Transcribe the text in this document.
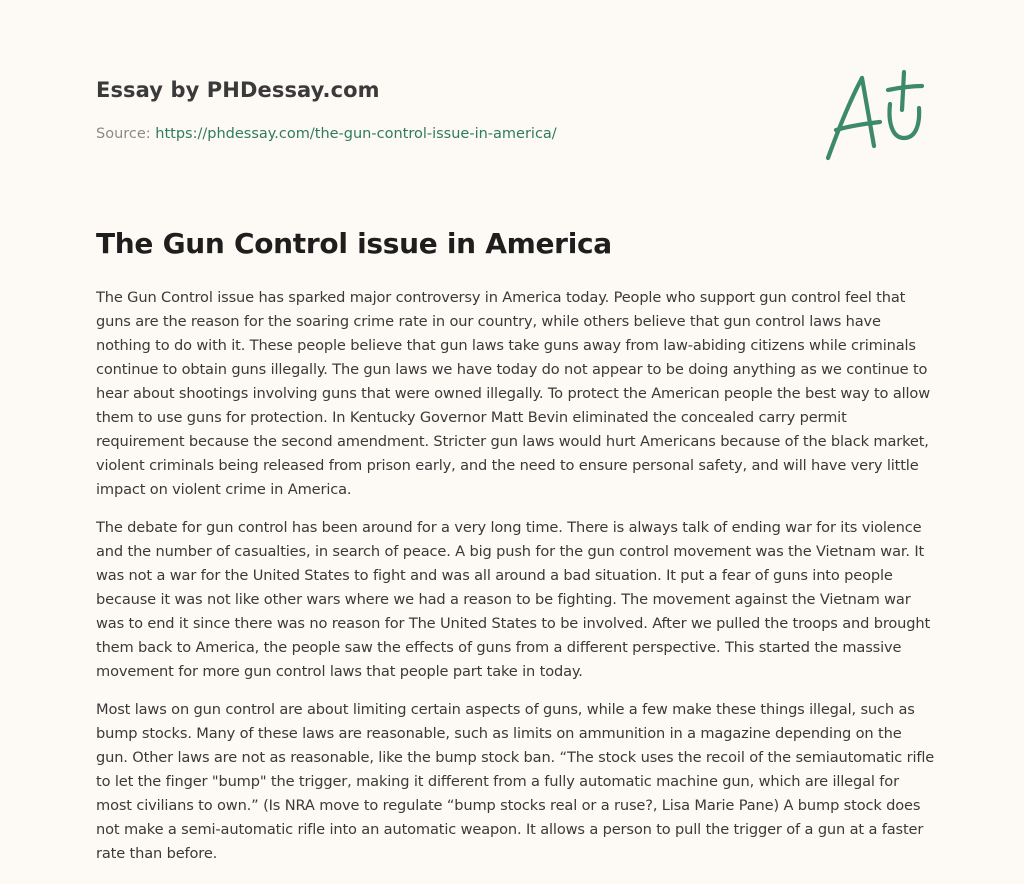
Essay by PHDessay.com
Source: https://phdessay.com/the-gun-control-issue-in-america/
The Gun Control issue in America

The Gun Control issue has sparked major controversy in America today. People who support gun control feel that guns are the reason for the soaring crime rate in our country, while others believe that gun control laws have nothing to do with it. These people believe that gun laws take guns away from law-abiding citizens while criminals continue to obtain guns illegally. The gun laws we have today do not appear to be doing anything as we continue to hear about shootings involving guns that were owned illegally. To protect the American people the best way to allow them to use guns for protection. In Kentucky Governor Matt Bevin eliminated the concealed carry permit requirement because the second amendment. Stricter gun laws would hurt Americans because of the black market, violent criminals being released from prison early, and the need to ensure personal safety, and will have very little impact on violent crime in America.

The debate for gun control has been around for a very long time. There is always talk of ending war for its violence and the number of casualties, in search of peace. A big push for the gun control movement was the Vietnam war. It was not a war for the United States to fight and was all around a bad situation. It put a fear of guns into people because it was not like other wars where we had a reason to be fighting. The movement against the Vietnam war was to end it since there was no reason for The United States to be involved. After we pulled the troops and brought them back to America, the people saw the effects of guns from a different perspective. This started the massive movement for more gun control laws that people part take in today.

Most laws on gun control are about limiting certain aspects of guns, while a few make these things illegal, such as bump stocks. Many of these laws are reasonable, such as limits on ammunition in a magazine depending on the gun. Other laws are not as reasonable, like the bump stock ban. “The stock uses the recoil of the semiautomatic rifle to let the finger "bump" the trigger, making it different from a fully automatic machine gun, which are illegal for most civilians to own.” (Is NRA move to regulate “bump stocks real or a ruse?, Lisa Marie Pane) A bump stock does not make a semi-automatic rifle into an automatic weapon. It allows a person to pull the trigger of a gun at a faster rate than before.
